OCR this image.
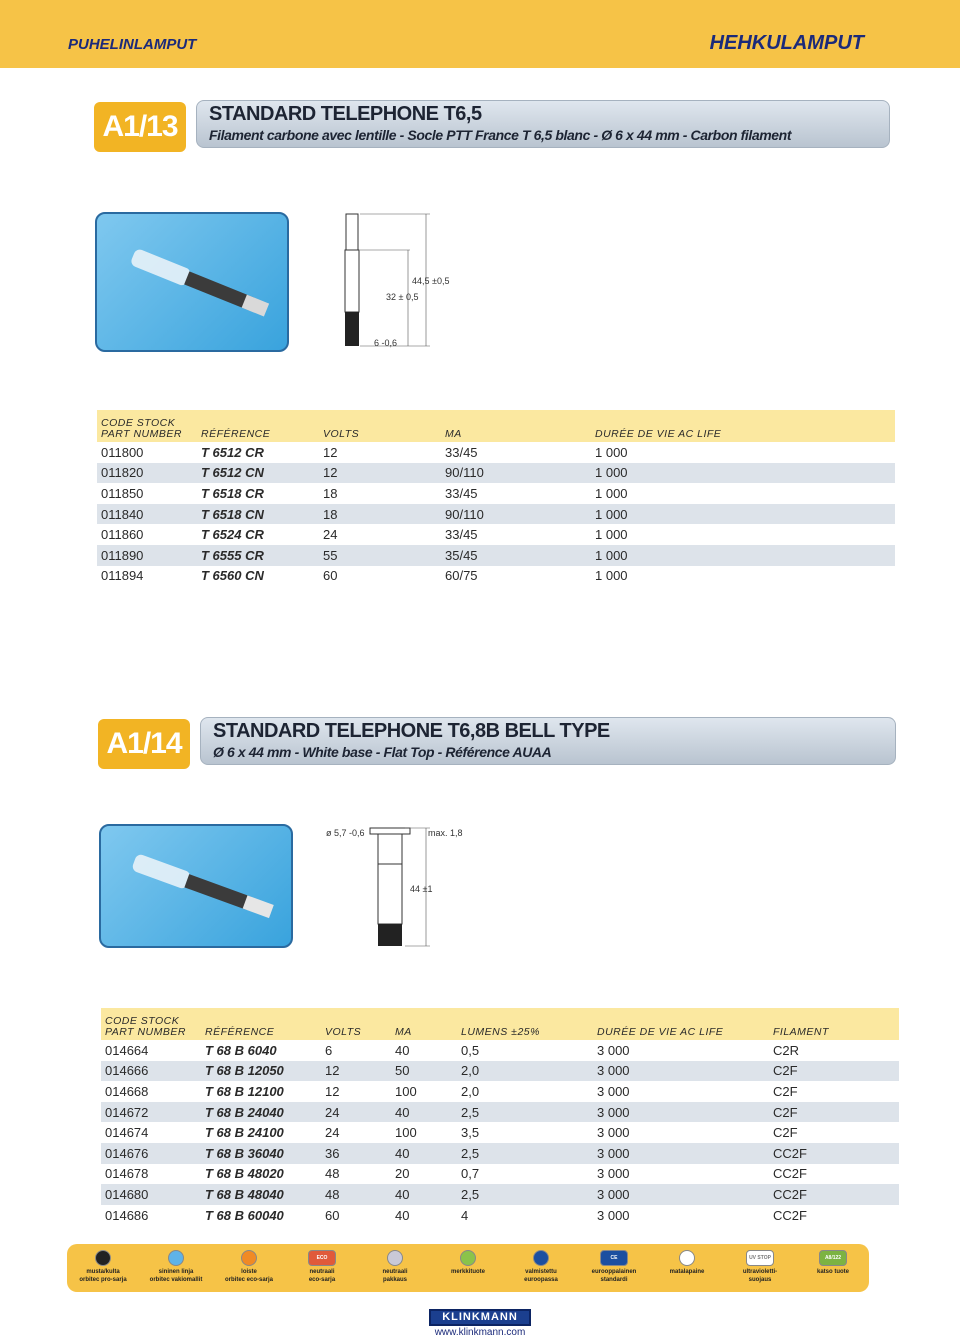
PUHELINLAMPUT	HEHKULAMPUT
A1/13	STANDARD TELEPHONE T6,5
Filament carbone avec lentille - Socle PTT France T 6,5 blanc - Ø 6 x 44 mm - Carbon filament
44,5 ±0,5
32 ± 0,5
6 -0,6
CODE STOCK PART NUMBER	RÉFÉRENCE	VOLTS	MA	DURÉE DE VIE AC LIFE
011800	T 6512 CR	12	33/45	1 000
011820	T 6512 CN	12	90/110	1 000
011850	T 6518 CR	18	33/45	1 000
011840	T 6518 CN	18	90/110	1 000
011860	T 6524 CR	24	33/45	1 000
011890	T 6555 CR	55	35/45	1 000
011894	T 6560 CN	60	60/75	1 000
A1/14	STANDARD TELEPHONE T6,8B BELL TYPE
Ø 6 x 44 mm - White base - Flat Top - Référence AUAA
ø 5,7 -0,6	max. 1,8
44 ±1
CODE STOCK PART NUMBER	RÉFÉRENCE	VOLTS	MA	LUMENS ±25%	DURÉE DE VIE AC LIFE	FILAMENT
014664	T 68 B 6040	6	40	0,5	3 000	C2R
014666	T 68 B 12050	12	50	2,0	3 000	C2F
014668	T 68 B 12100	12	100	2,0	3 000	C2F
014672	T 68 B 24040	24	40	2,5	3 000	C2F
014674	T 68 B 24100	24	100	3,5	3 000	C2F
014676	T 68 B 36040	36	40	2,5	3 000	CC2F
014678	T 68 B 48020	48	20	0,7	3 000	CC2F
014680	T 68 B 48040	48	40	2,5	3 000	CC2F
014686	T 68 B 60040	60	40	4	3 000	CC2F
musta/kulta
orbitec pro-sarja
sininen linja
orbitec vakiomallit
loiste
orbitec eco-sarja
ECO
neutraali
eco-sarja
neutraali
pakkaus
merkkituote	valmistettu
euroopassa
CE
eurooppalainen
standardi
matalapaine
UV STOP
ultravioletti-
suojaus
A8/122
katso tuote
KLINKMANN
www.klinkmann.com
